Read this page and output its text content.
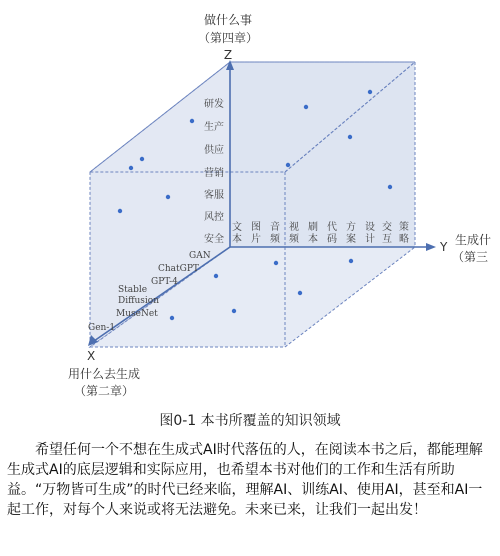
做什么事
（第四章）
Z
Y 生成什
（第三
X
用什么去生成
（第二章）
研发
生产
供应
营销
客服
风控
安全
文
本
图
片
音
频
视
频
刷
本
代
码
方
案
设
计
交
互
策
略
GAN
ChatGPT
GPT-4
Stable
Diffusion
MuseNet
Gen-1
图0-1 本书所覆盖的知识领域
希望任何一个不想在生成式AI时代落伍的人，在阅读本书之后，都能理解生成式AI的底层逻辑和实际应用，也希望本书对他们的工作和生活有所助益。“万物皆可生成”的时代已经来临，理解AI、训练AI、使用AI，甚至和AI一起工作，对每个人来说或将无法避免。未来已来，让我们一起出发！
